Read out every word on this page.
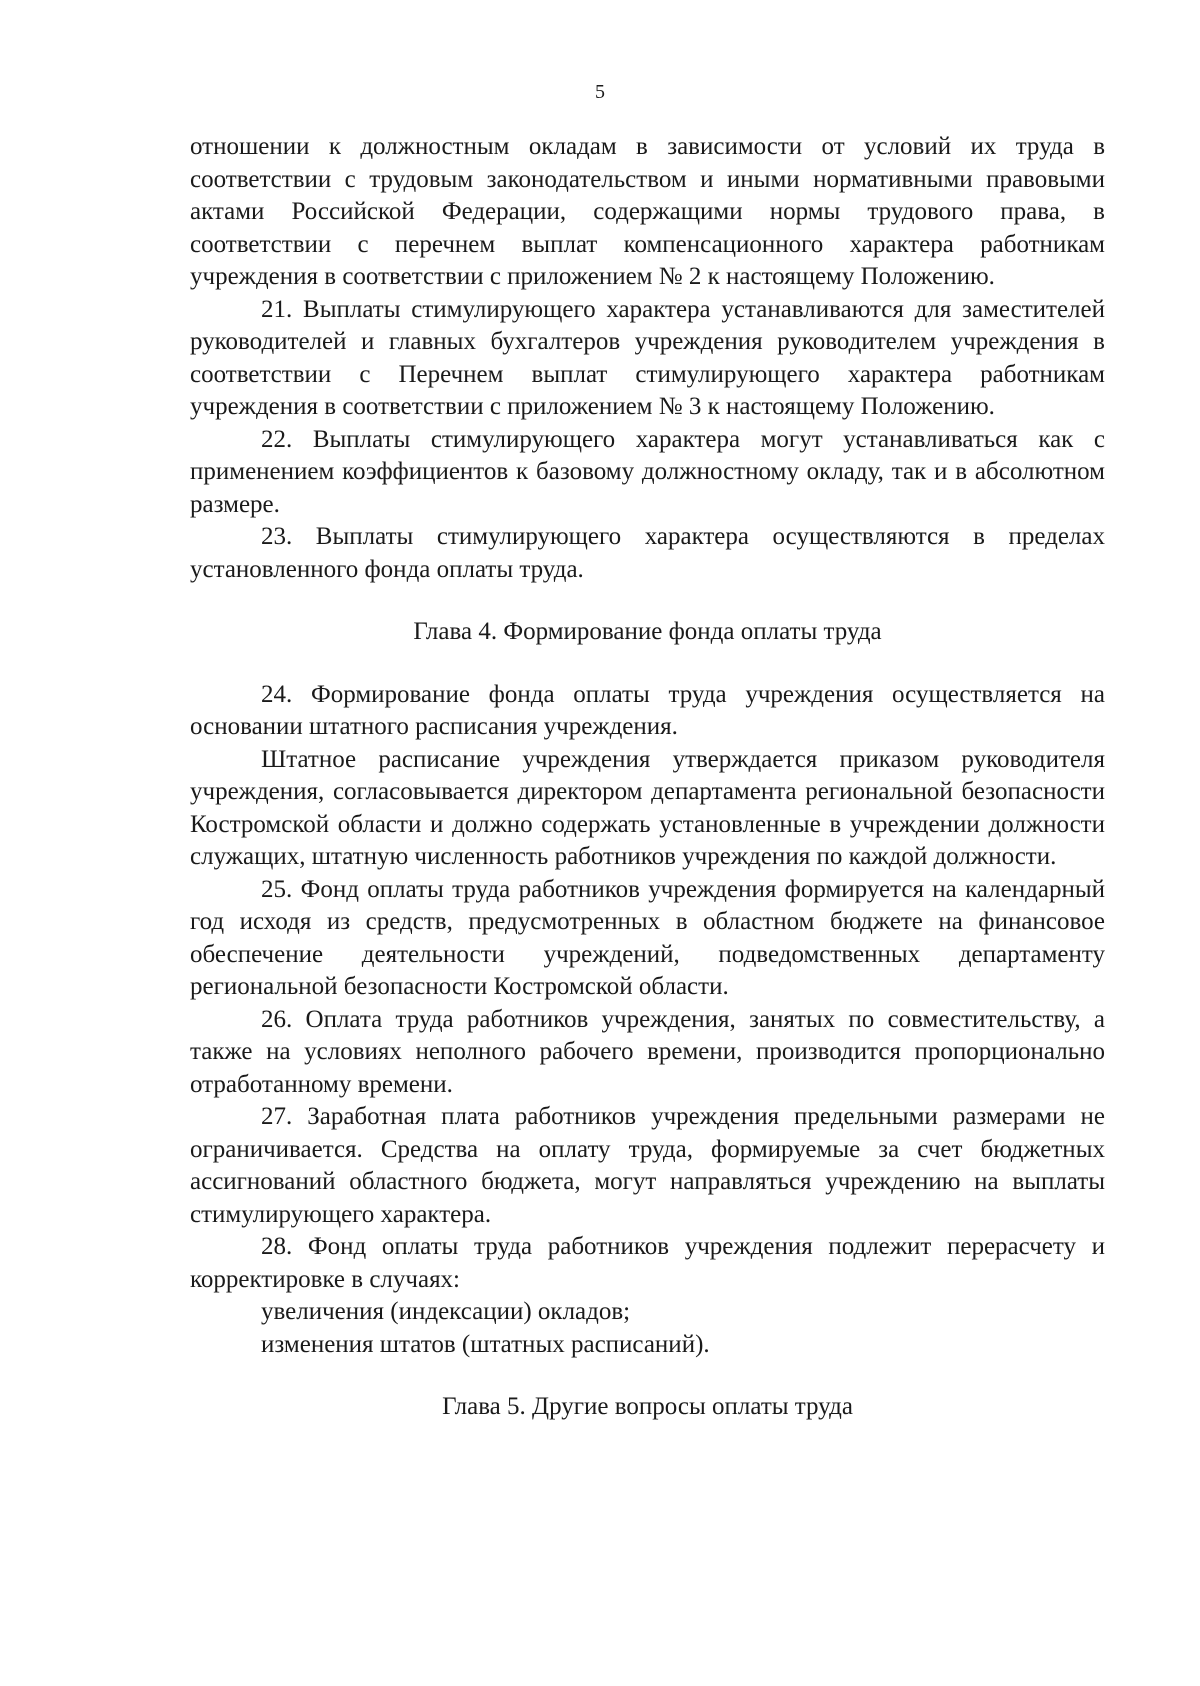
5

отношении к должностным окладам в зависимости от условий их труда в соответствии с трудовым законодательством и иными нормативными правовыми актами Российской Федерации, содержащими нормы трудового права, в соответствии с перечнем выплат компенсационного характера работникам учреждения в соответствии с приложением № 2 к настоящему Положению.

21. Выплаты стимулирующего характера устанавливаются для заместителей руководителей и главных бухгалтеров учреждения руководителем учреждения в соответствии с Перечнем выплат стимулирующего характера работникам учреждения в соответствии с приложением № 3 к настоящему Положению.

22. Выплаты стимулирующего характера могут устанавливаться как с применением коэффициентов к базовому должностному окладу, так и в абсолютном размере.

23. Выплаты стимулирующего характера осуществляются в пределах установленного фонда оплаты труда.

Глава 4. Формирование фонда оплаты труда

24. Формирование фонда оплаты труда учреждения осуществляется на основании штатного расписания учреждения.

Штатное расписание учреждения утверждается приказом руководителя учреждения, согласовывается директором департамента региональной безопасности Костромской области и должно содержать установленные в учреждении должности служащих, штатную численность работников учреждения по каждой должности.

25. Фонд оплаты труда работников учреждения формируется на календарный год исходя из средств, предусмотренных в областном бюджете на финансовое обеспечение деятельности учреждений, подведомственных департаменту региональной безопасности Костромской области.

26. Оплата труда работников учреждения, занятых по совместительству, а также на условиях неполного рабочего времени, производится пропорционально отработанному времени.

27. Заработная плата работников учреждения предельными размерами не ограничивается. Средства на оплату труда, формируемые за счет бюджетных ассигнований областного бюджета, могут направляться учреждению на выплаты стимулирующего характера.

28. Фонд оплаты труда работников учреждения подлежит перерасчету и корректировке в случаях:

увеличения (индексации) окладов;

изменения штатов (штатных расписаний).

Глава 5. Другие вопросы оплаты труда
